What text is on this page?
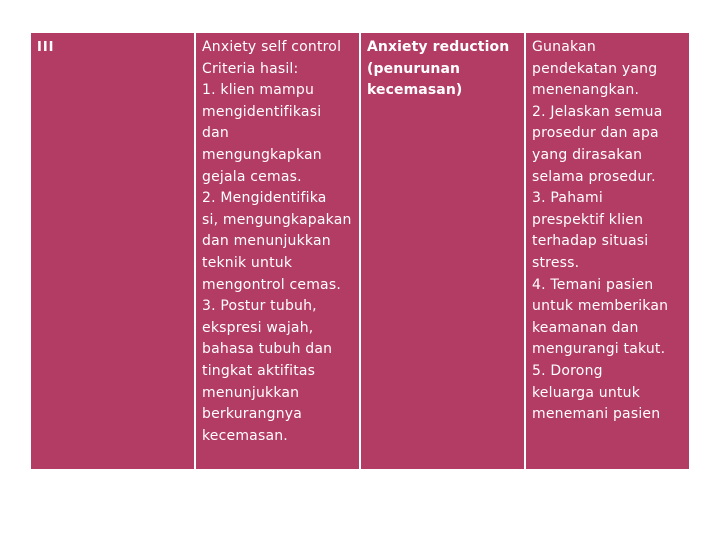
III	Anxiety self control
Criteria hasil:
1. klien mampu
mengidentifikasi
dan
mengungkapkan
gejala cemas.
2. Mengidentifika
si, mengungkapakan
dan menunjukkan
teknik untuk
mengontrol cemas.
3. Postur tubuh,
ekspresi wajah,
bahasa tubuh dan
tingkat aktifitas
menunjukkan
berkurangnya
kecemasan.
Anxiety reduction
(penurunan
kecemasan)
Gunakan
pendekatan yang
menenangkan.
2. Jelaskan semua
prosedur dan apa
yang dirasakan
selama prosedur.
3. Pahami
prespektif klien
terhadap situasi
stress.
4. Temani pasien
untuk memberikan
keamanan dan
mengurangi takut.
5. Dorong
keluarga untuk
menemani pasien
